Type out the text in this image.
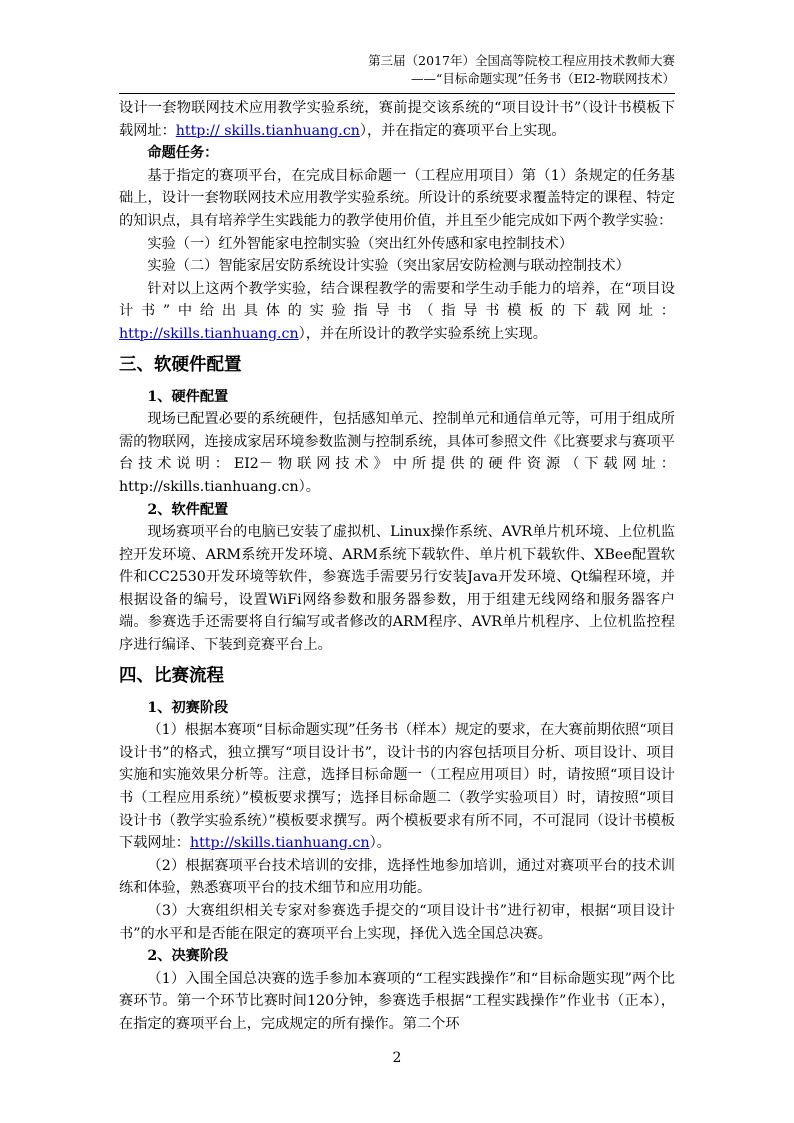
第三届（2017年）全国高等院校工程应用技术教师大赛
——“目标命题实现”任务书（EI2-物联网技术）

设计一套物联网技术应用教学实验系统，赛前提交该系统的“项目设计书”（设计书模板下载网址：http:// skills.tianhuang.cn），并在指定的赛项平台上实现。

命题任务：

基于指定的赛项平台，在完成目标命题一（工程应用项目）第（1）条规定的任务基础上，设计一套物联网技术应用教学实验系统。所设计的系统要求覆盖特定的课程、特定的知识点，具有培养学生实践能力的教学使用价值，并且至少能完成如下两个教学实验：

实验（一）红外智能家电控制实验（突出红外传感和家电控制技术）

实验（二）智能家居安防系统设计实验（突出家居安防检测与联动控制技术）

针对以上这两个教学实验，结合课程教学的需要和学生动手能力的培养，在“项目设计书”中给出具体的实验指导书（指导书模板的下载网址：http://skills.tianhuang.cn），并在所设计的教学实验系统上实现。

三、软硬件配置

1、硬件配置

现场已配置必要的系统硬件，包括感知单元、控制单元和通信单元等，可用于组成所需的物联网，连接成家居环境参数监测与控制系统，具体可参照文件《比赛要求与赛项平台技术说明：EI2－物联网技术》中所提供的硬件资源（下载网址：http://skills.tianhuang.cn）。

2、软件配置

现场赛项平台的电脑已安装了虚拟机、Linux操作系统、AVR单片机环境、上位机监控开发环境、ARM系统开发环境、ARM系统下载软件、单片机下载软件、XBee配置软件和CC2530开发环境等软件，参赛选手需要另行安装Java开发环境、Qt编程环境，并根据设备的编号，设置WiFi网络参数和服务器参数，用于组建无线网络和服务器客户端。参赛选手还需要将自行编写或者修改的ARM程序、AVR单片机程序、上位机监控程序进行编译、下装到竞赛平台上。

四、比赛流程

1、初赛阶段

（1）根据本赛项“目标命题实现”任务书（样本）规定的要求，在大赛前期依照“项目设计书”的格式，独立撰写“项目设计书”，设计书的内容包括项目分析、项目设计、项目实施和实施效果分析等。注意，选择目标命题一（工程应用项目）时，请按照“项目设计书（工程应用系统）”模板要求撰写；选择目标命题二（教学实验项目）时，请按照“项目设计书（教学实验系统）”模板要求撰写。两个模板要求有所不同，不可混同（设计书模板下载网址：http://skills.tianhuang.cn）。

（2）根据赛项平台技术培训的安排，选择性地参加培训，通过对赛项平台的技术训练和体验，熟悉赛项平台的技术细节和应用功能。

（3）大赛组织相关专家对参赛选手提交的“项目设计书”进行初审，根据“项目设计书”的水平和是否能在限定的赛项平台上实现，择优入选全国总决赛。

2、决赛阶段

（1）入围全国总决赛的选手参加本赛项的“工程实践操作”和“目标命题实现”两个比赛环节。第一个环节比赛时间120分钟，参赛选手根据“工程实践操作”作业书（正本），在指定的赛项平台上，完成规定的所有操作。第二个环

2
